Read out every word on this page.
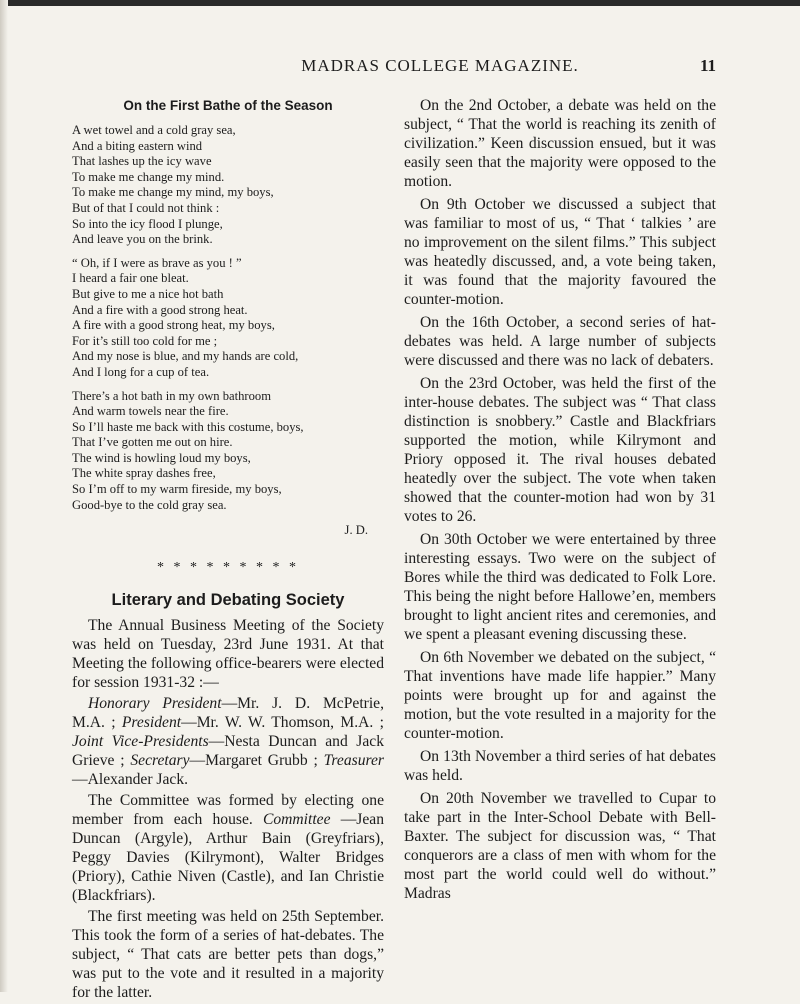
MADRAS COLLEGE MAGAZINE.	11
On the First Bathe of the Season
A wet towel and a cold gray sea,
And a biting eastern wind
That lashes up the icy wave
To make me change my mind.
To make me change my mind, my boys,
But of that I could not think :
So into the icy flood I plunge,
And leave you on the brink.
“ Oh, if I were as brave as you ! ”
I heard a fair one bleat.
But give to me a nice hot bath
And a fire with a good strong heat.
A fire with a good strong heat, my boys,
For it’s still too cold for me ;
And my nose is blue, and my hands are cold,
And I long for a cup of tea.
There’s a hot bath in my own bathroom
And warm towels near the fire.
So I’ll haste me back with this costume, boys,
That I’ve gotten me out on hire.
The wind is howling loud my boys,
The white spray dashes free,
So I’m off to my warm fireside, my boys,
Good-bye to the cold gray sea.
J. D.
* * * * * * * * *
Literary and Debating Society

The Annual Business Meeting of the Society was held on Tuesday, 23rd June 1931. At that Meeting the following office-bearers were elected for session 1931-32 :—

Honorary President—Mr. J. D. McPetrie, M.A. ; President—Mr. W. W. Thomson, M.A. ; Joint Vice-Presidents—Nesta Duncan and Jack Grieve ; Secretary—Margaret Grubb ; Treasurer—Alexander Jack.

The Committee was formed by electing one member from each house. Committee —Jean Duncan (Argyle), Arthur Bain (Greyfriars), Peggy Davies (Kilrymont), Walter Bridges (Priory), Cathie Niven (Castle), and Ian Christie (Blackfriars).

The first meeting was held on 25th September. This took the form of a series of hat-debates. The subject, “ That cats are better pets than dogs,” was put to the vote and it resulted in a majority for the latter.

On the 2nd October, a debate was held on the subject, “ That the world is reaching its zenith of civilization.” Keen discussion ensued, but it was easily seen that the majority were opposed to the motion.

On 9th October we discussed a subject that was familiar to most of us, “ That ‘ talkies ’ are no improvement on the silent films.” This subject was heatedly discussed, and, a vote being taken, it was found that the majority favoured the counter-motion.

On the 16th October, a second series of hat-debates was held. A large number of subjects were discussed and there was no lack of debaters.

On the 23rd October, was held the first of the inter-house debates. The subject was “ That class distinction is snobbery.” Castle and Blackfriars supported the motion, while Kilrymont and Priory opposed it. The rival houses debated heatedly over the subject. The vote when taken showed that the counter-motion had won by 31 votes to 26.

On 30th October we were entertained by three interesting essays. Two were on the subject of Bores while the third was dedicated to Folk Lore. This being the night before Hallowe’en, members brought to light ancient rites and ceremonies, and we spent a pleasant evening discussing these.

On 6th November we debated on the subject, “ That inventions have made life happier.” Many points were brought up for and against the motion, but the vote resulted in a majority for the counter-motion.

On 13th November a third series of hat debates was held.

On 20th November we travelled to Cupar to take part in the Inter-School Debate with Bell-Baxter. The subject for discussion was, “ That conquerors are a class of men with whom for the most part the world could well do without.” Madras
